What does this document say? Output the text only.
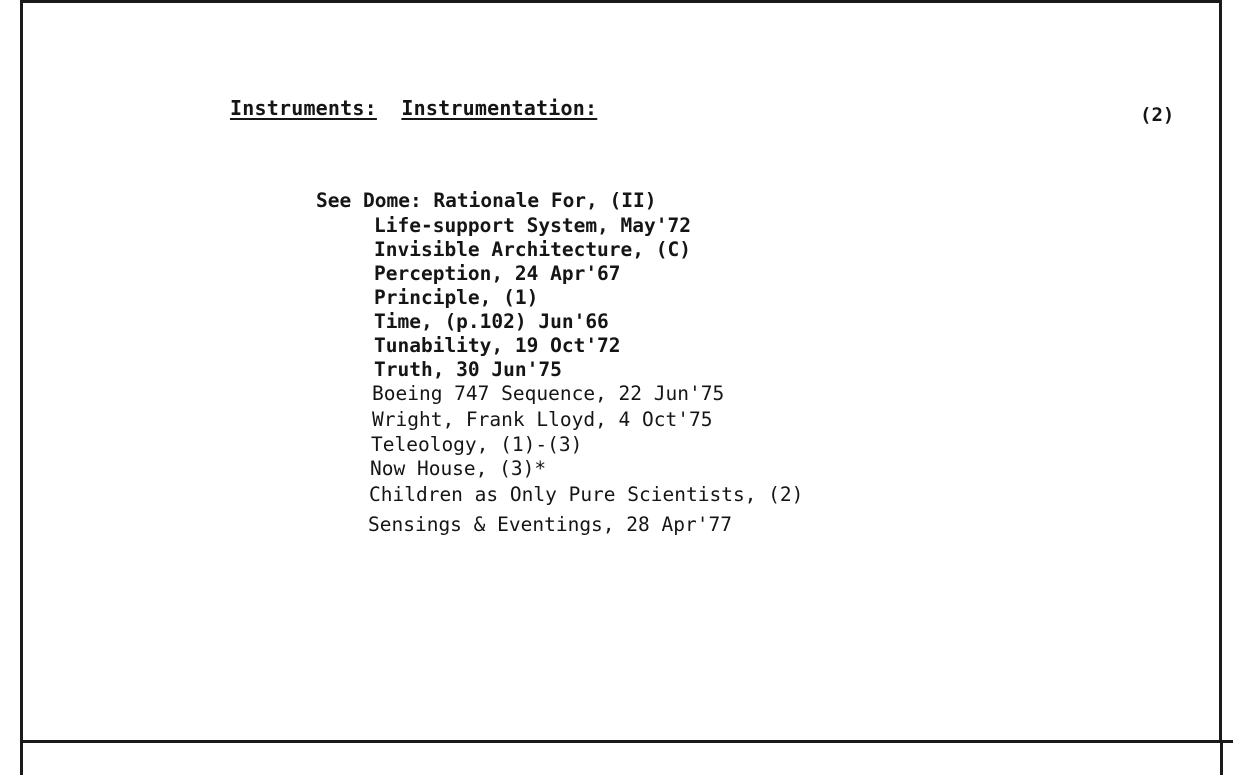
Instruments: Instrumentation:	(2)
See Dome: Rationale For, (II)
Life-support System, May'72
Invisible Architecture, (C)
Perception, 24 Apr'67
Principle, (1)
Time, (p.102) Jun'66
Tunability, 19 Oct'72
Truth, 30 Jun'75
Boeing 747 Sequence, 22 Jun'75
Wright, Frank Lloyd, 4 Oct'75
Teleology, (1)-(3)
Now House, (3)*
Children as Only Pure Scientists, (2)
Sensings & Eventings, 28 Apr'77
